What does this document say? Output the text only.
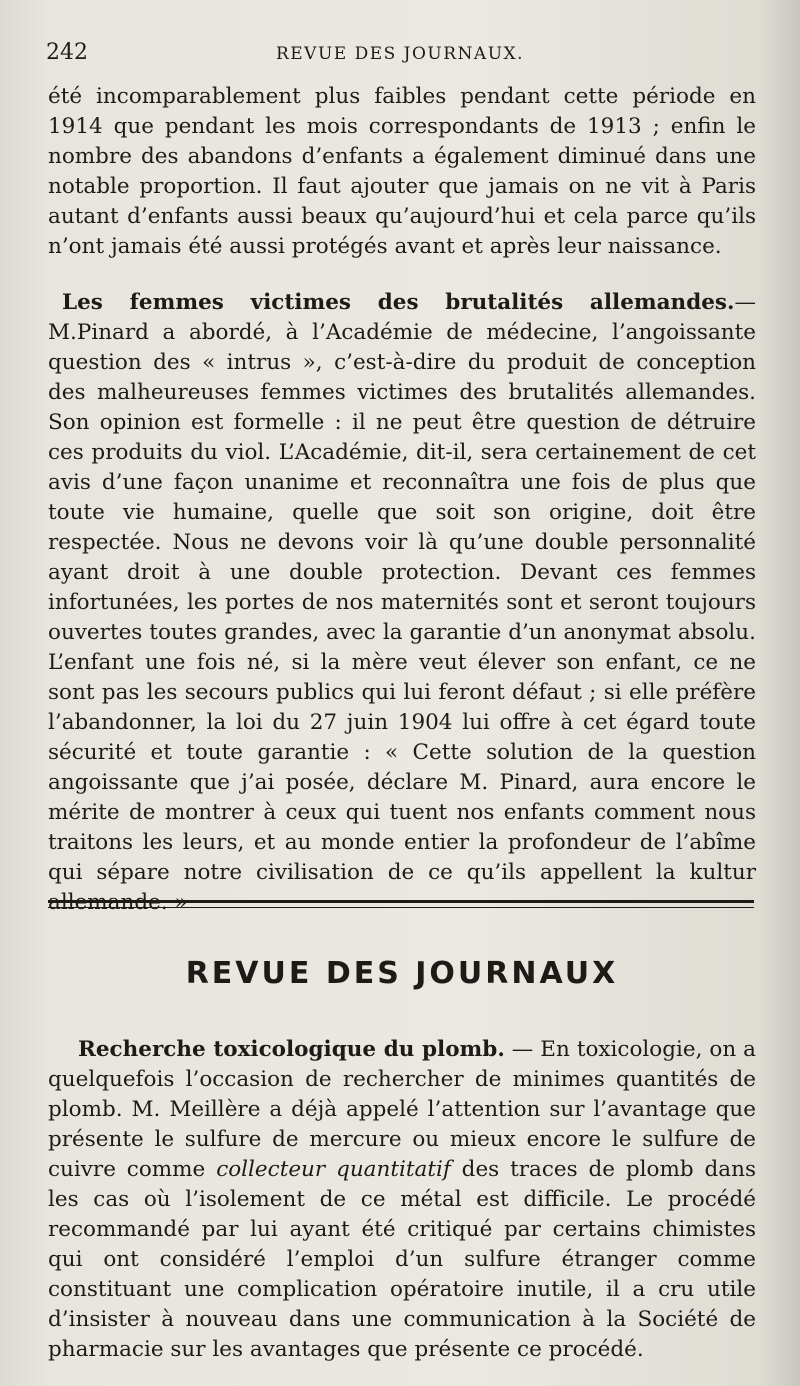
242	REVUE DES JOURNAUX.

été incomparablement plus faibles pendant cette période en 1914 que pendant les mois correspondants de 1913 ; enfin le nombre des abandons d’enfants a également diminué dans une notable proportion. Il faut ajouter que jamais on ne vit à Paris autant d’enfants aussi beaux qu’aujourd’hui et cela parce qu’ils n’ont jamais été aussi protégés avant et après leur naissance.

Les femmes victimes des brutalités allemandes.—M.Pinard a abordé, à l’Académie de médecine, l’angoissante question des « intrus », c’est-à-dire du produit de conception des malheureuses femmes victimes des brutalités allemandes. Son opinion est formelle : il ne peut être question de détruire ces produits du viol. L’Académie, dit-il, sera certainement de cet avis d’une façon unanime et reconnaîtra une fois de plus que toute vie humaine, quelle que soit son origine, doit être respectée. Nous ne devons voir là qu’une double personnalité ayant droit à une double protection. Devant ces femmes infortunées, les portes de nos maternités sont et seront toujours ouvertes toutes grandes, avec la garantie d’un anonymat absolu. L’enfant une fois né, si la mère veut élever son enfant, ce ne sont pas les secours publics qui lui feront défaut ; si elle préfère l’abandonner, la loi du 27 juin 1904 lui offre à cet égard toute sécurité et toute garantie : « Cette solution de la question angoissante que j’ai posée, déclare M. Pinard, aura encore le mérite de montrer à ceux qui tuent nos enfants comment nous traitons les leurs, et au monde entier la profondeur de l’abîme qui sépare notre civilisation de ce qu’ils appellent la kultur

REVUE DES JOURNAUX

Recherche toxicologique du plomb. — En toxicologie, on a quelquefois l’occasion de rechercher de minimes quantités de plomb. M. Meillère a déjà appelé l’attention sur l’avantage que présente le sulfure de mercure ou mieux encore le sulfure de cuivre comme collecteur quantitatif des traces de plomb dans les cas où l’isolement de ce métal est difficile. Le procédé recommandé par lui ayant été critiqué par certains chimistes qui ont considéré l’emploi d’un sulfure étranger comme constituant une complication opératoire inutile, il a cru utile d’insister à nouveau dans une communication à la Société de pharmacie sur les avantages que présente ce procédé.
